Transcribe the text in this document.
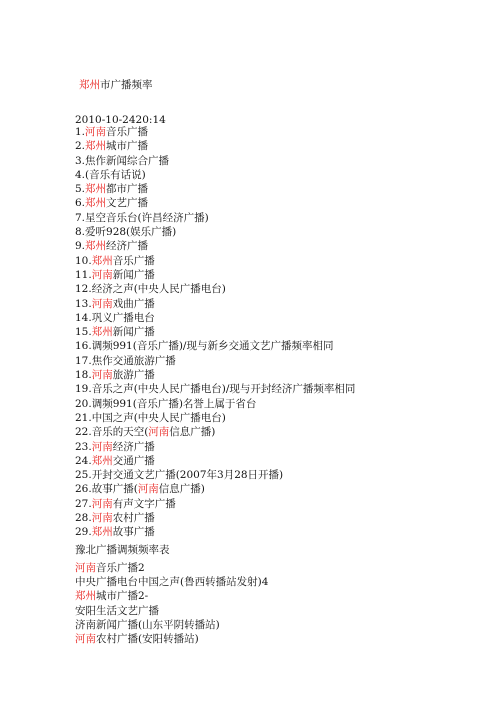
郑州市广播频率
2010-10-2420:14
1.河南音乐广播
2.郑州城市广播
3.焦作新闻综合广播
4.(音乐有话说)
5.郑州都市广播
6.郑州文艺广播
7.星空音乐台(许昌经济广播)
8.爱听928(娱乐广播)
9.郑州经济广播
10.郑州音乐广播
11.河南新闻广播
12.经济之声(中央人民广播电台)
13.河南戏曲广播
14.巩义广播电台
15.郑州新闻广播
16.调频991(音乐广播)/现与新乡交通文艺广播频率相同
17.焦作交通旅游广播
18.河南旅游广播
19.音乐之声(中央人民广播电台)/现与开封经济广播频率相同
20.调频991(音乐广播)名誉上属于省台
21.中国之声(中央人民广播电台)
22.音乐的天空(河南信息广播)
23.河南经济广播
24.郑州交通广播
25.开封交通文艺广播(2007年3月28日开播)
26.故事广播(河南信息广播)
27.河南有声文字广播
28.河南农村广播
29.郑州故事广播
豫北广播调频频率表
河南音乐广播2
中央广播电台中国之声(鲁西转播站发射)4
郑州城市广播2-
安阳生活文艺广播
济南新闻广播(山东平阴转播站)
河南农村广播(安阳转播站)
